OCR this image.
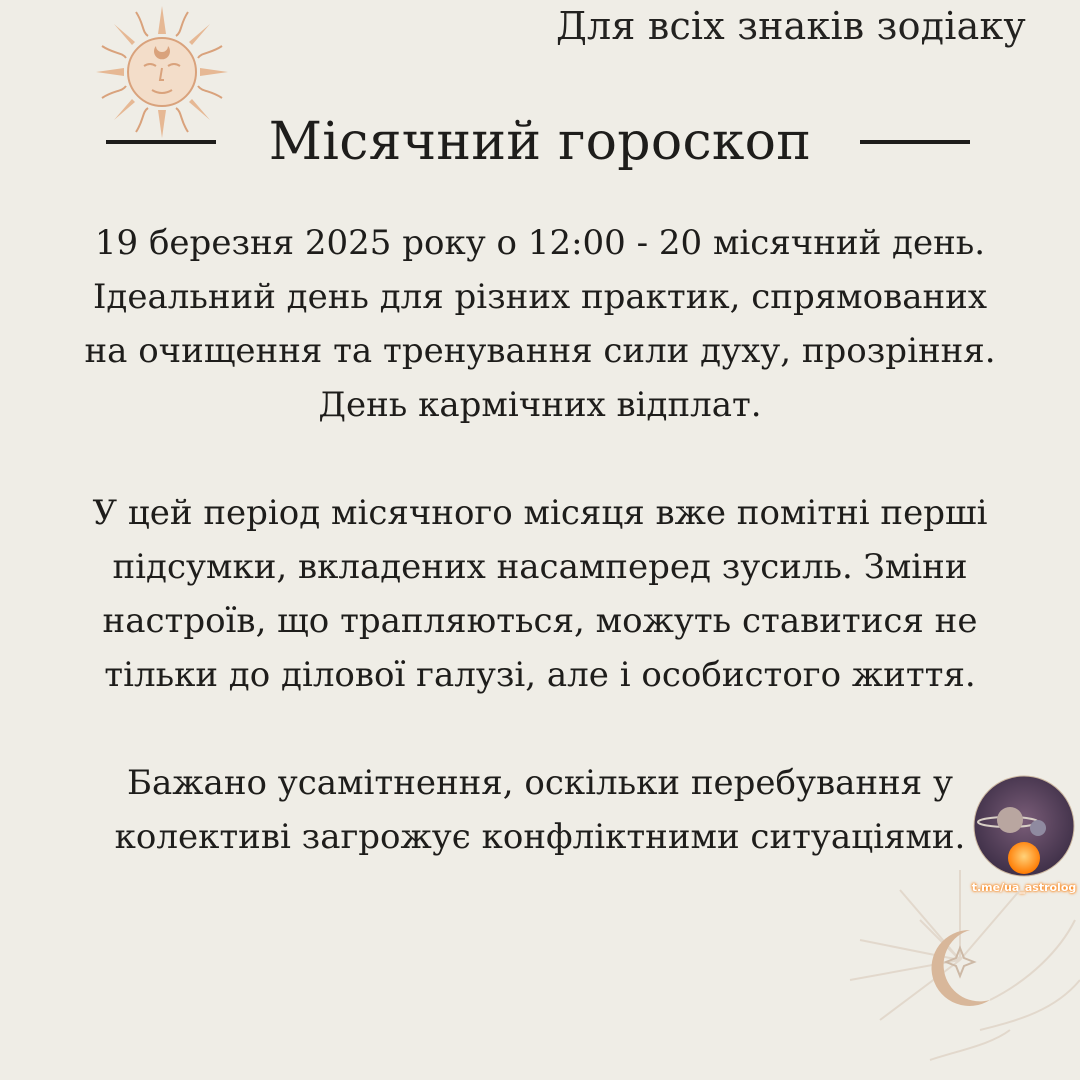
Для всіх знаків зодіаку
Місячний гороскоп

19 березня 2025 року о 12:00 - 20 місячний день.
Ідеальний день для різних практик, спрямованих
на очищення та тренування сили духу, прозріння.
День кармічних відплат.

У цей період місячного місяця вже помітні перші
підсумки, вкладених насамперед зусиль. Зміни
настроїв, що трапляються, можуть ставитися не
тільки до ділової галузі, але і особистого життя.

Бажано усамітнення, оскільки перебування у
колективі загрожує конфліктними ситуаціями.

t.me/ua_astrolog
